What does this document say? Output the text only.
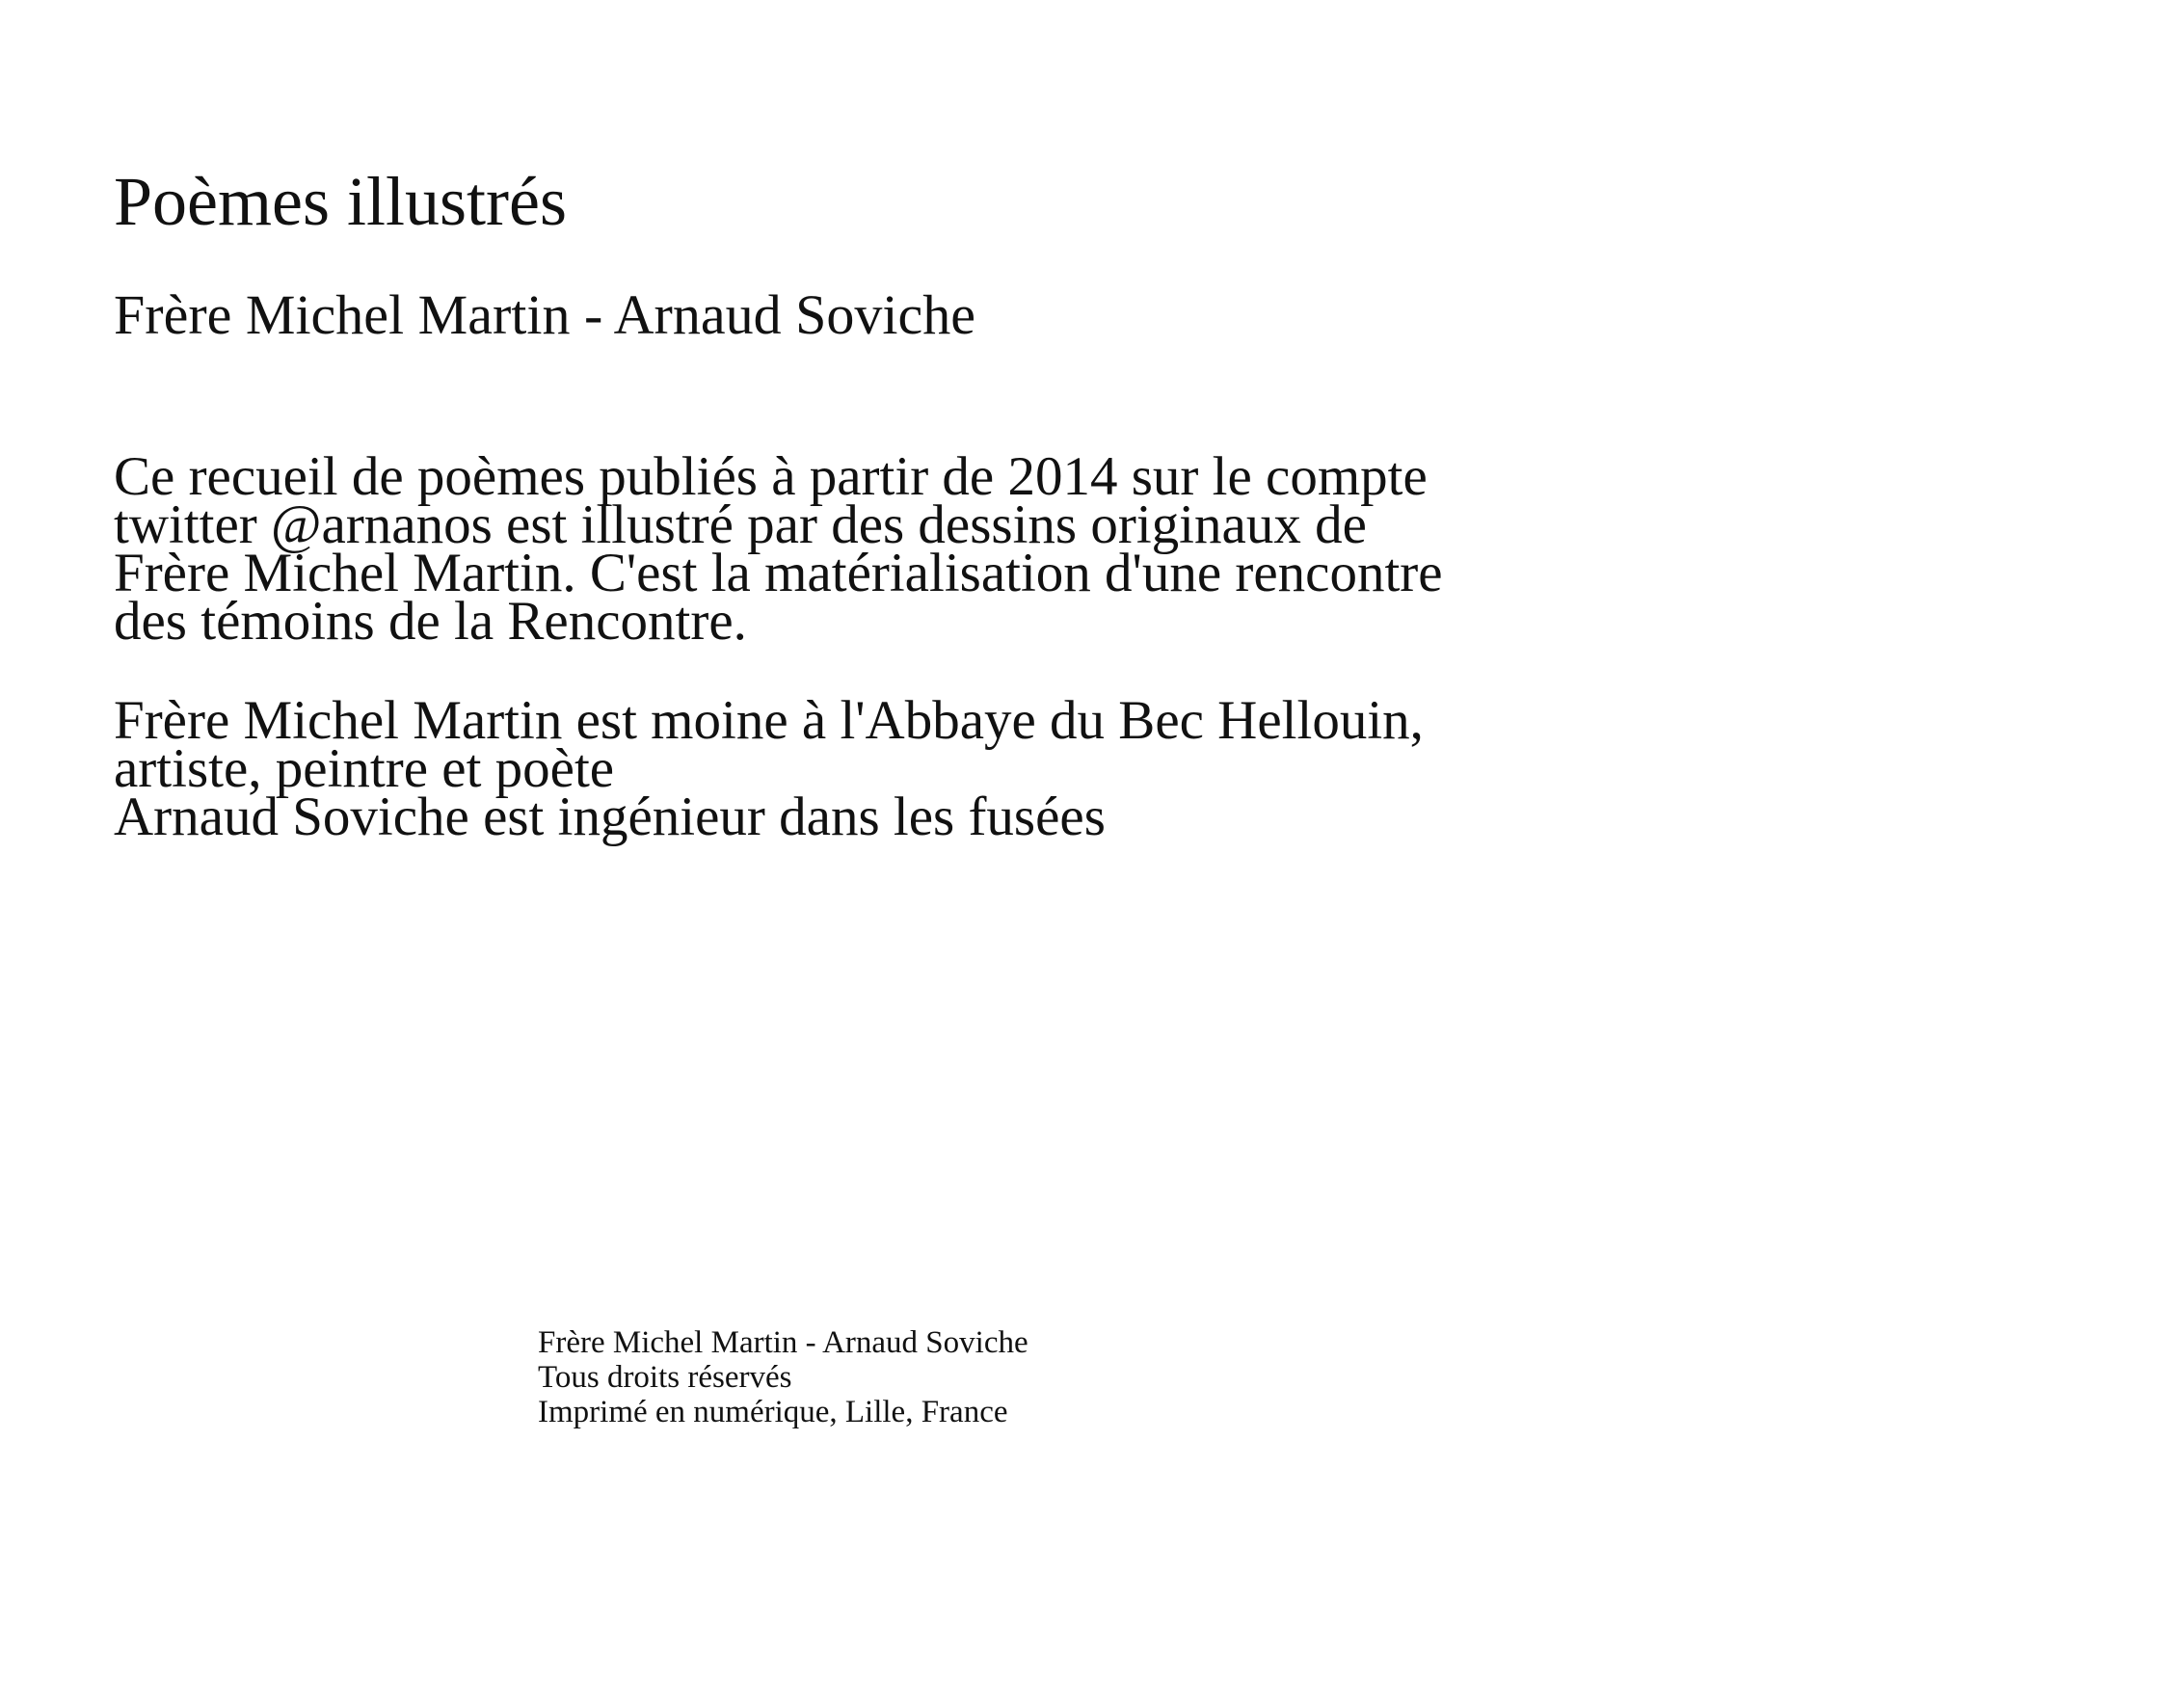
Poèmes illustrés
Frère Michel Martin - Arnaud Soviche

Ce recueil de poèmes publiés à partir de 2014 sur le compte
twitter @arnanos est illustré par des dessins originaux de
Frère Michel Martin. C'est la matérialisation d'une rencontre
des témoins de la Rencontre.

Frère Michel Martin est moine à l'Abbaye du Bec Hellouin,
artiste, peintre et poète
Arnaud Soviche est ingénieur dans les fusées

Frère Michel Martin - Arnaud Soviche
Tous droits réservés
Imprimé en numérique, Lille, France
